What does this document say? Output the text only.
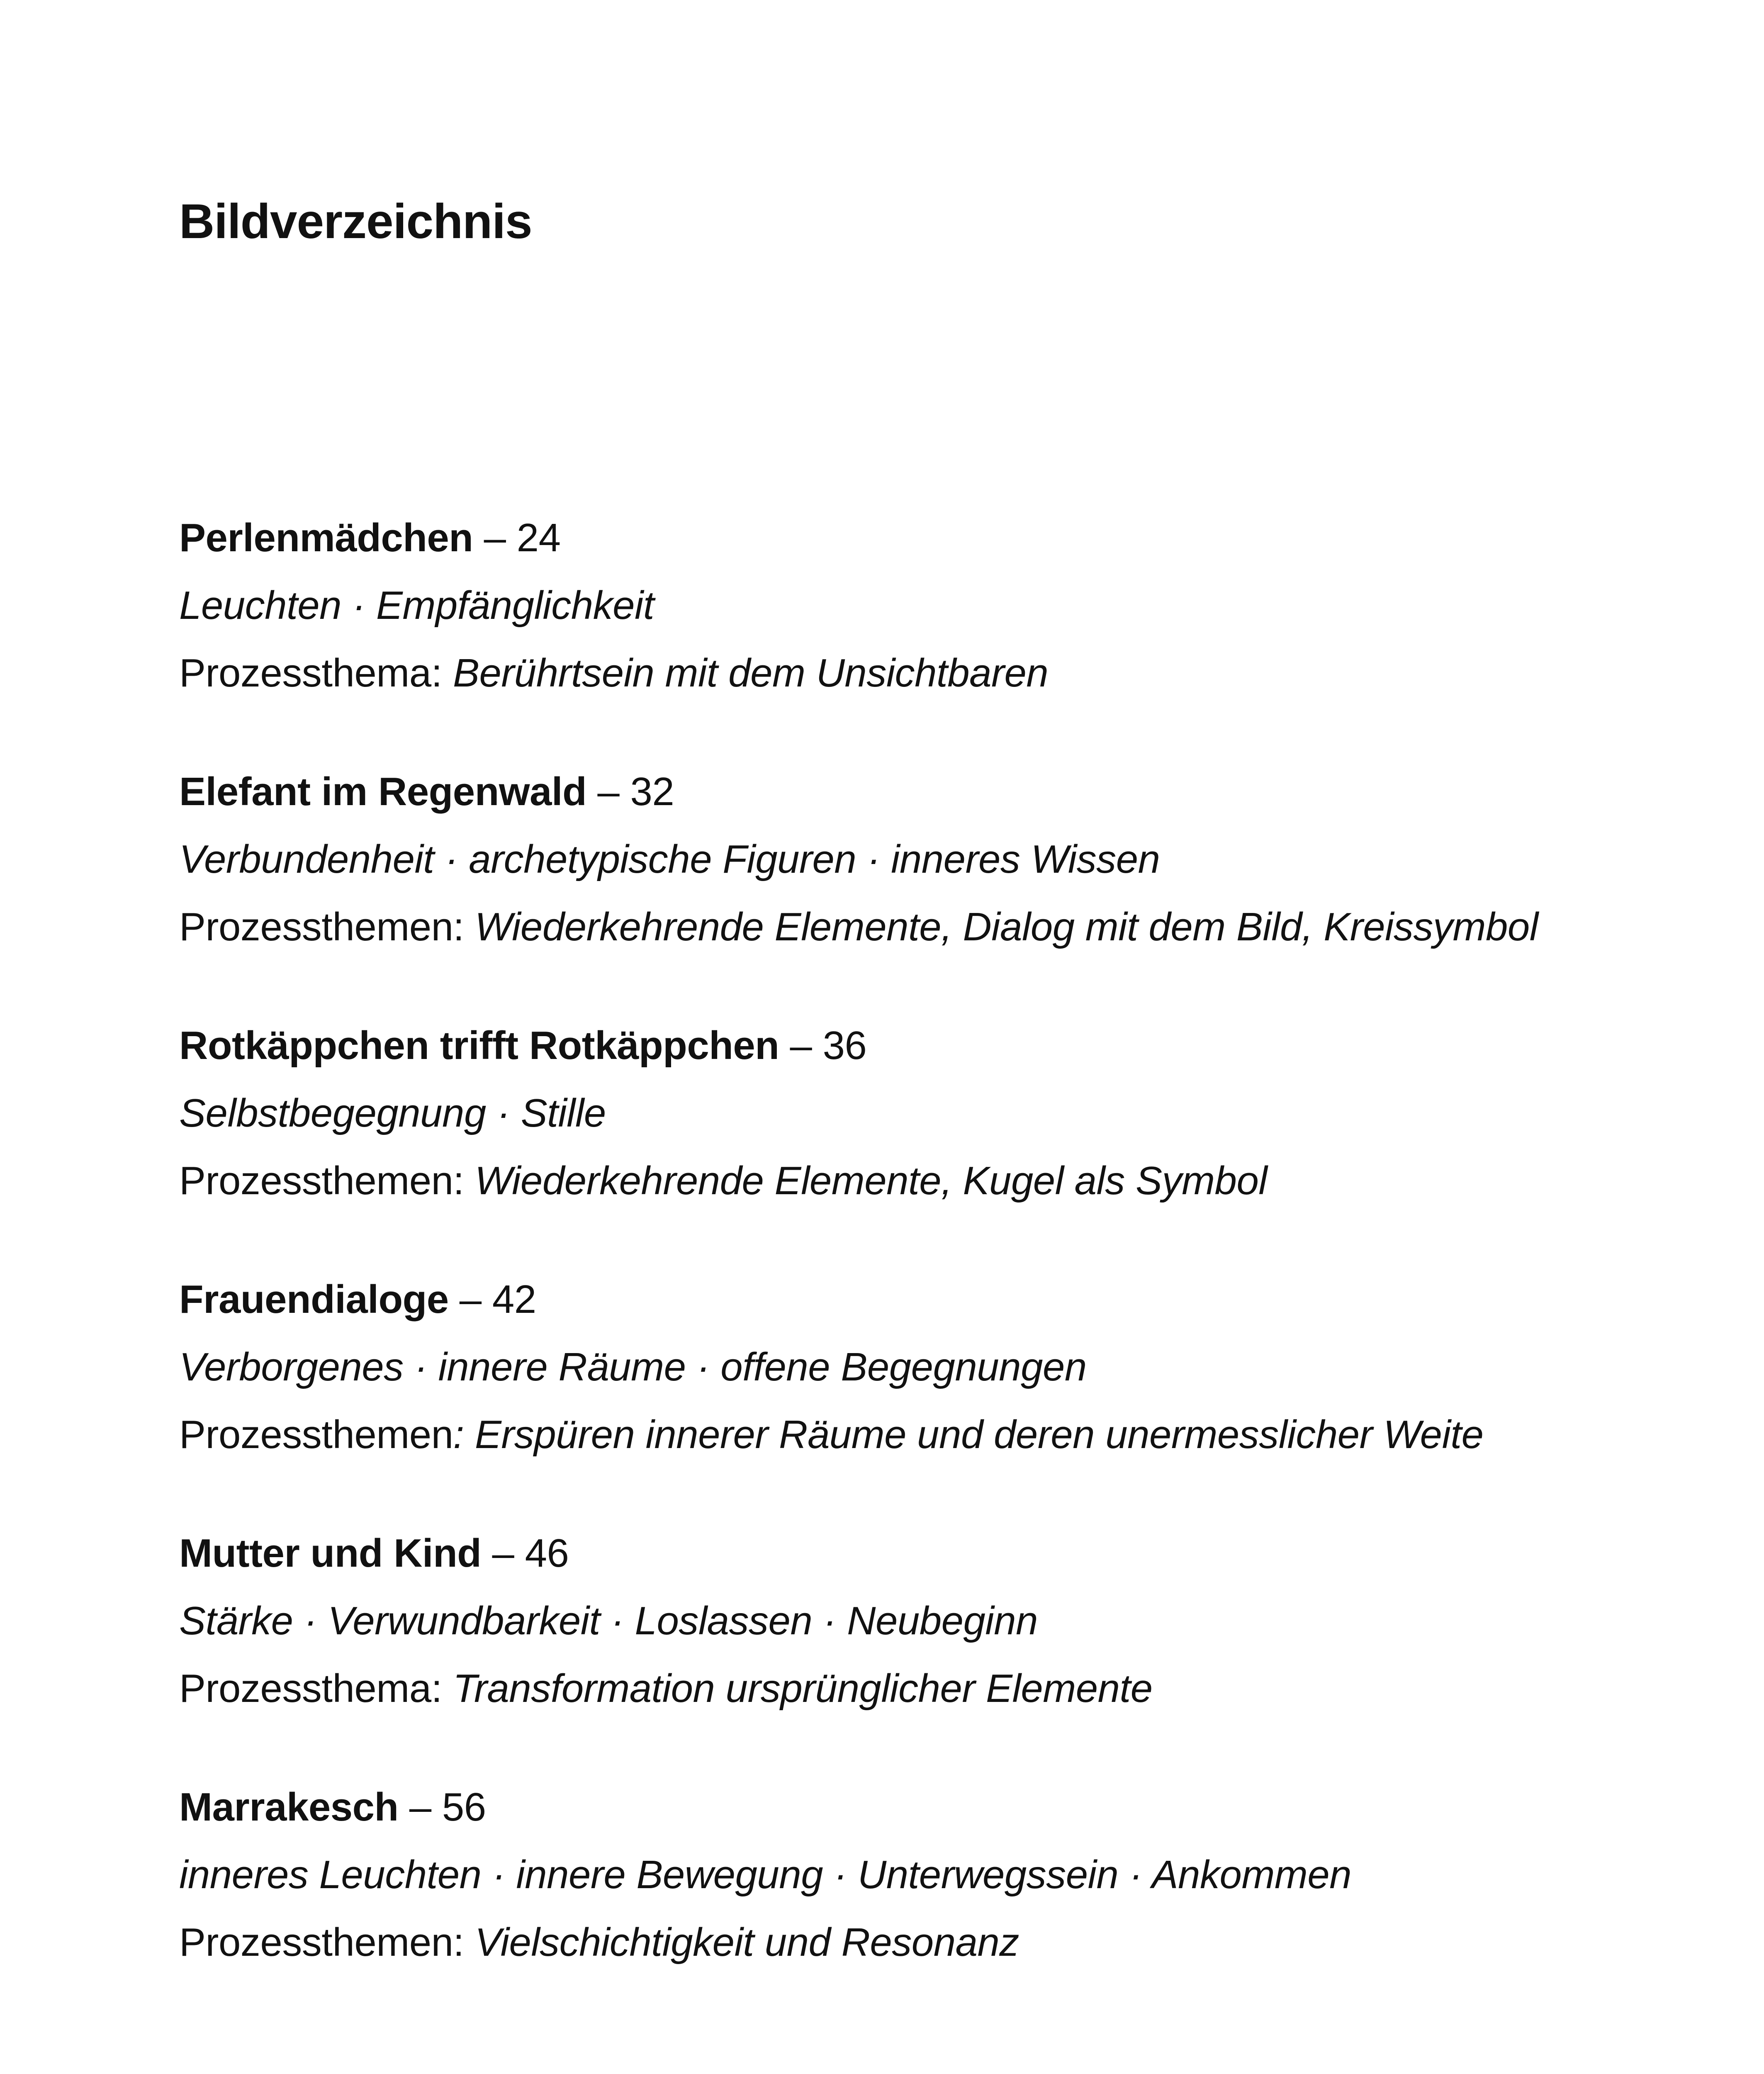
Bildverzeichnis
Perlenmädchen – 24
Leuchten · Empfänglichkeit
Prozessthema: Berührtsein mit dem Unsichtbaren
Elefant im Regenwald – 32
Verbundenheit · archetypische Figuren · inneres Wissen
Prozessthemen: Wiederkehrende Elemente, Dialog mit dem Bild, Kreissymbol
Rotkäppchen trifft Rotkäppchen – 36
Selbstbegegnung · Stille
Prozessthemen: Wiederkehrende Elemente, Kugel als Symbol
Frauendialoge – 42
Verborgenes · innere Räume · offene Begegnungen
Prozessthemen: Erspüren innerer Räume und deren unermesslicher Weite
Mutter und Kind – 46
Stärke · Verwundbarkeit · Loslassen · Neubeginn
Prozessthema: Transformation ursprünglicher Elemente
Marrakesch – 56
inneres Leuchten · innere Bewegung · Unterwegssein · Ankommen
Prozessthemen: Vielschichtigkeit und Resonanz
